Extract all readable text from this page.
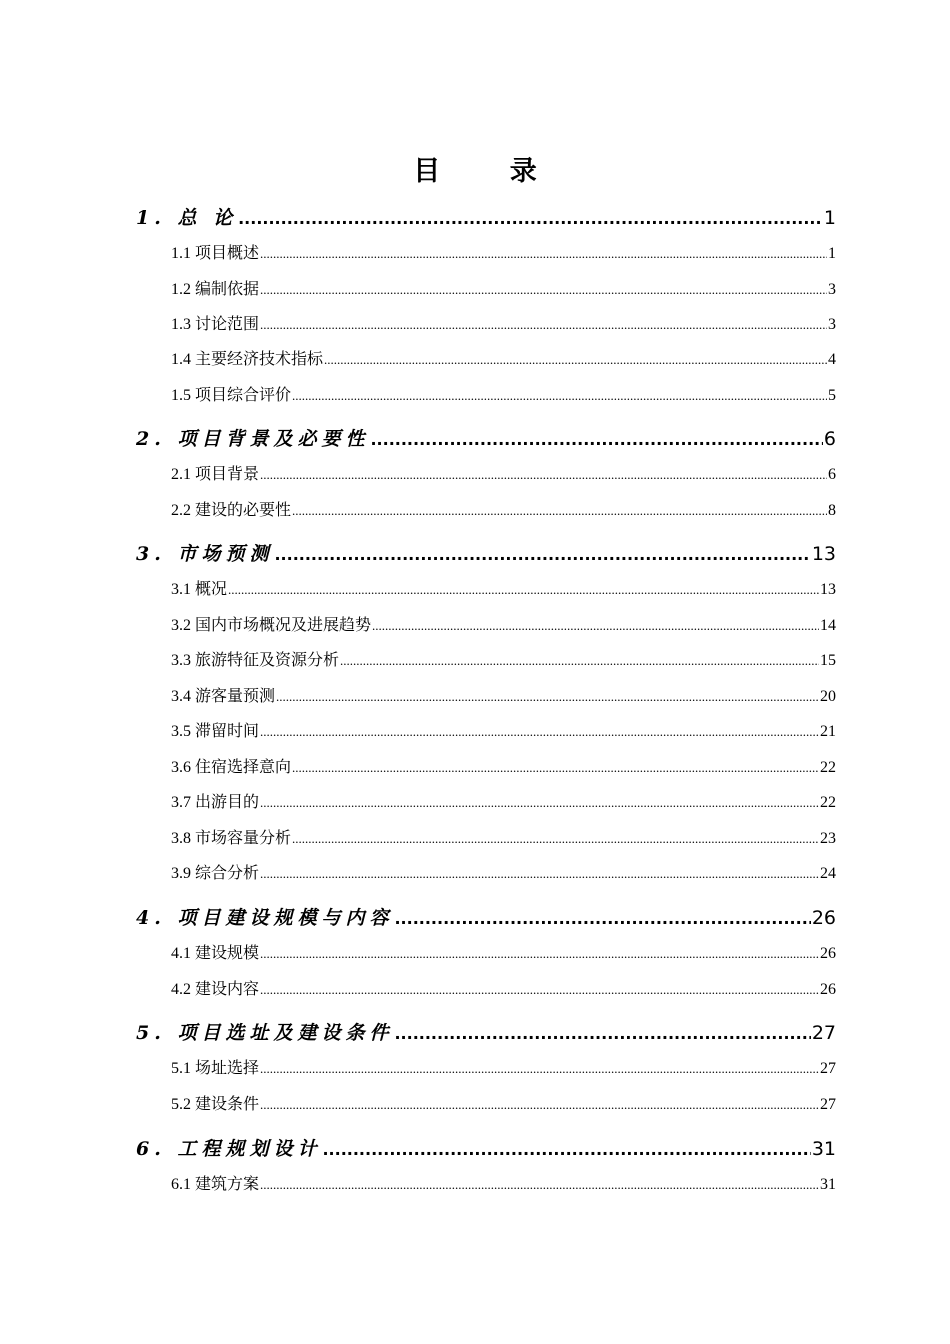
目 录
1. 总 论 .....	1
1.1 项目概述 .....	1
1.2 编制依据 .....	3
1.3 讨论范围 .....	3
1.4 主要经济技术指标 .....	4
1.5 项目综合评价 .....	5
2. 项目背景及必要性 .....	6
2.1 项目背景 .....	6
2.2 建设的必要性 .....	8
3. 市场预测 .....	13
3.1 概况 .....	13
3.2 国内市场概况及进展趋势 .....	14
3.3 旅游特征及资源分析 .....	15
3.4 游客量预测 .....	20
3.5 滞留时间 .....	21
3.6 住宿选择意向 .....	22
3.7 出游目的 .....	22
3.8 市场容量分析 .....	23
3.9 综合分析 .....	24
4. 项目建设规模与内容 .....	26
4.1 建设规模 .....	26
4.2 建设内容 .....	26
5. 项目选址及建设条件 .....	27
5.1 场址选择 .....	27
5.2 建设条件 .....	27
6. 工程规划设计 .....	31
6.1 建筑方案 .....	31
